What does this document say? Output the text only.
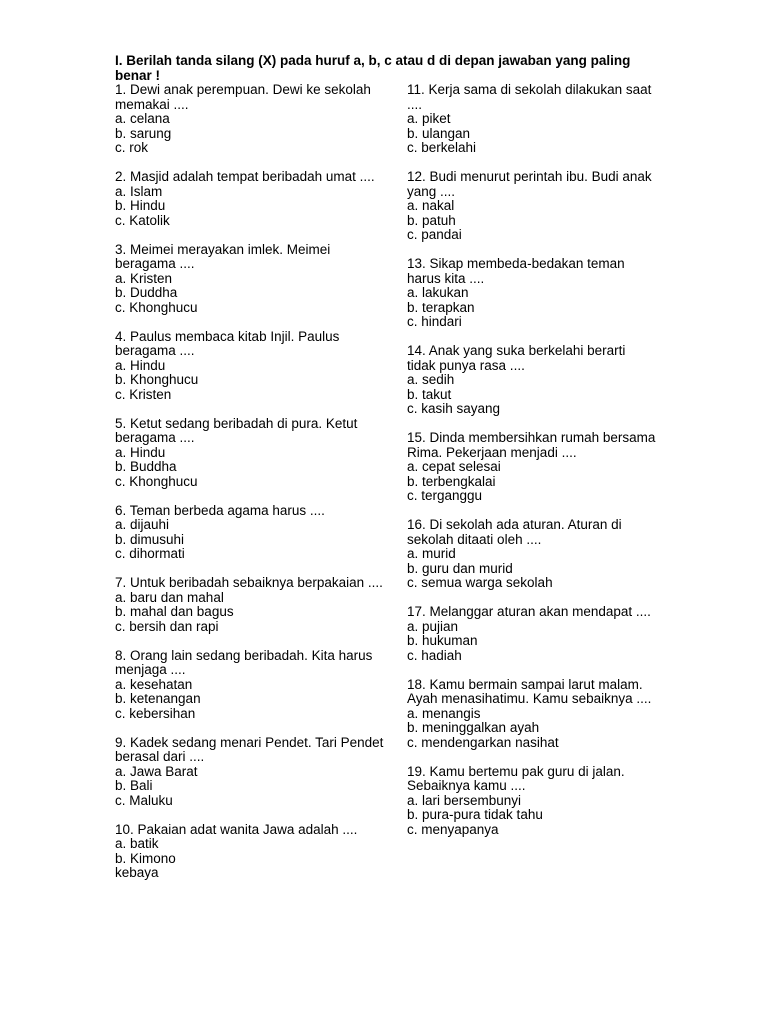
I. Berilah tanda silang (X) pada huruf a, b, c atau d di depan jawaban yang paling benar !
1. Dewi anak perempuan. Dewi ke sekolah memakai ....
a. celana
b. sarung
c. rok
2. Masjid adalah tempat beribadah umat ....
a. Islam
b. Hindu
c. Katolik
3. Meimei merayakan imlek. Meimei beragama ....
a. Kristen
b. Duddha
c. Khonghucu
4. Paulus membaca kitab Injil. Paulus beragama ....
a. Hindu
b. Khonghucu
c. Kristen
5. Ketut sedang beribadah di pura. Ketut beragama ....
a. Hindu
b. Buddha
c. Khonghucu
6. Teman berbeda agama harus ....
a. dijauhi
b. dimusuhi
c. dihormati
7. Untuk beribadah sebaiknya berpakaian ....
a. baru dan mahal
b. mahal dan bagus
c. bersih dan rapi
8. Orang lain sedang beribadah. Kita harus menjaga ....
a. kesehatan
b. ketenangan
c. kebersihan
9. Kadek sedang menari Pendet. Tari Pendet berasal dari ....
a. Jawa Barat
b. Bali
c. Maluku
10. Pakaian adat wanita Jawa adalah ....
a. batik
b. Kimono
kebaya
11. Kerja sama di sekolah dilakukan saat ....
a. piket
b. ulangan
c. berkelahi
12. Budi menurut perintah ibu. Budi anak yang ....
a. nakal
b. patuh
c. pandai
13. Sikap membeda-bedakan teman harus kita ....
a. lakukan
b. terapkan
c. hindari
14. Anak yang suka berkelahi berarti tidak punya rasa ....
a. sedih
b. takut
c. kasih sayang
15. Dinda membersihkan rumah bersama Rima. Pekerjaan menjadi ....
a. cepat selesai
b. terbengkalai
c. terganggu
16. Di sekolah ada aturan. Aturan di sekolah ditaati oleh ....
a. murid
b. guru dan murid
c. semua warga sekolah
17. Melanggar aturan akan mendapat ....
a. pujian
b. hukuman
c. hadiah
18. Kamu bermain sampai larut malam. Ayah menasihatimu. Kamu sebaiknya ....
a. menangis
b. meninggalkan ayah
c. mendengarkan nasihat
19. Kamu bertemu pak guru di jalan. Sebaiknya kamu ....
a. lari bersembunyi
b. pura-pura tidak tahu
c. menyapanya
